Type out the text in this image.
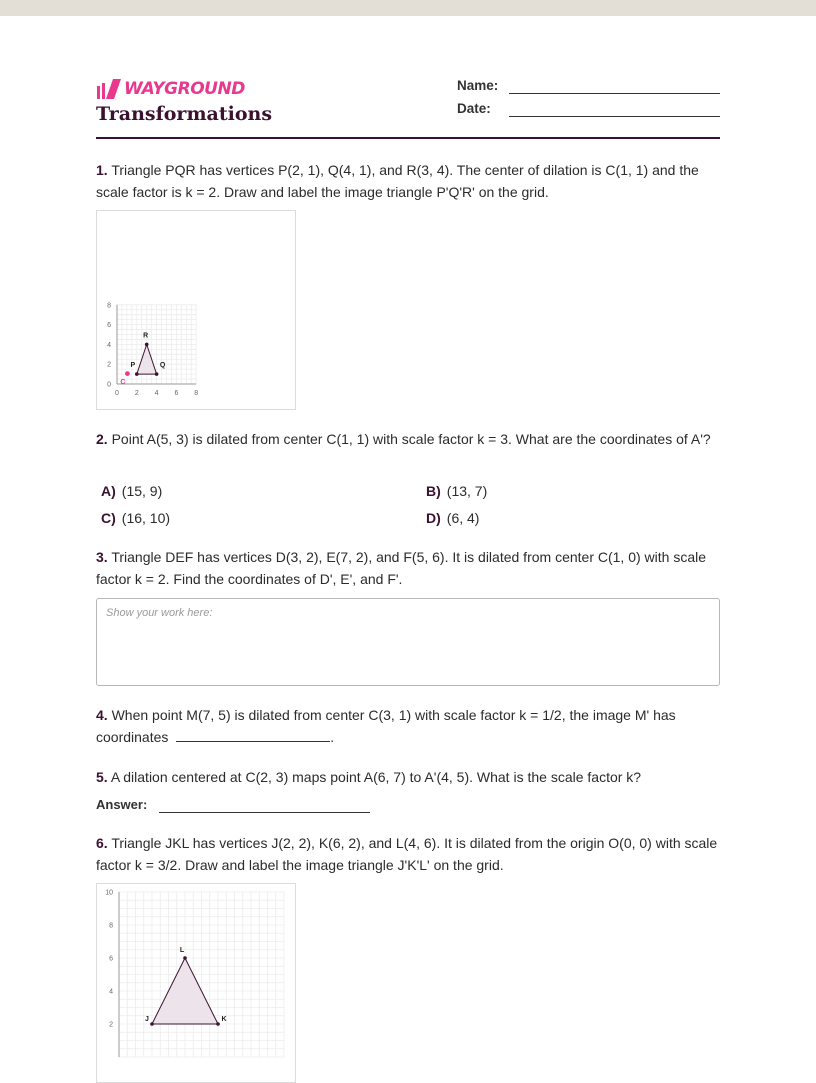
WAYGROUND
Transformations
Name:
Date:
1. Triangle PQR has vertices P(2, 1), Q(4, 1), and R(3, 4). The center of dilation is C(1, 1) and the scale factor is k = 2. Draw and label the image triangle P'Q'R' on the grid.
0 2 4 6 8
0
2
4
6
8
P	Q
R
C
2. Point A(5, 3) is dilated from center C(1, 1) with scale factor k = 3. What are the coordinates of A'?
A) (15, 9)	B) (13, 7)
C) (16, 10)	D) (6, 4)
3. Triangle DEF has vertices D(3, 2), E(7, 2), and F(5, 6). It is dilated from center C(1, 0) with scale factor k = 2. Find the coordinates of D', E', and F'.
Show your work here:
4. When point M(7, 5) is dilated from center C(3, 1) with scale factor k = 1/2, the image M' has coordinates	.
5. A dilation centered at C(2, 3) maps point A(6, 7) to A'(4, 5). What is the scale factor k?
Answer:
6. Triangle JKL has vertices J(2, 2), K(6, 2), and L(4, 6). It is dilated from the origin O(0, 0) with scale factor k = 3/2. Draw and label the image triangle J'K'L' on the grid.
2
4
6
8
10
J	K
L
